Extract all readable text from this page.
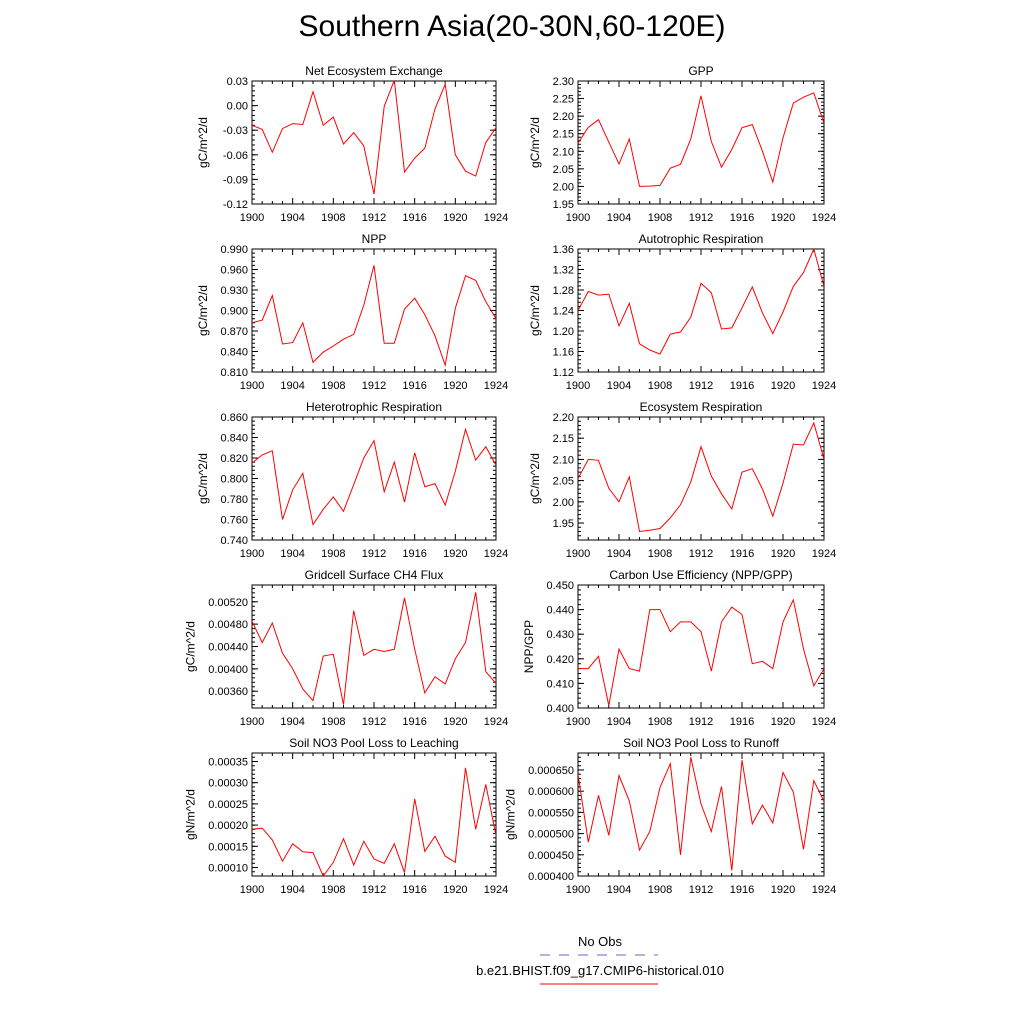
Southern Asia(20-30N,60-120E)
Net Ecosystem Exchange
1900 1904 1908 1912 1916 1920 1924
-0.12
-0.09
-0.06
-0.03
0.00
0.03
gC/m^2/d
GPP
1900 1904 1908 1912 1916 1920 1924
1.95
2.00
2.05
2.10
2.15
2.20
2.25
2.30
gC/m^2/d
NPP
1900 1904 1908 1912 1916 1920 1924
0.810
0.840
0.870
0.900
0.930
0.960
0.990
gC/m^2/d
Autotrophic Respiration
1900 1904 1908 1912 1916 1920 1924
1.12
1.16
1.20
1.24
1.28
1.32
1.36
gC/m^2/d
Heterotrophic Respiration
1900 1904 1908 1912 1916 1920 1924
0.740
0.760
0.780
0.800
0.820
0.840
0.860
gC/m^2/d
Ecosystem Respiration
1900 1904 1908 1912 1916 1920 1924
1.95
2.00
2.05
2.10
2.15
2.20
gC/m^2/d
Gridcell Surface CH4 Flux
1900 1904 1908 1912 1916 1920 1924
0.00360
0.00400
0.00440
0.00480
0.00520
gC/m^2/d
Carbon Use Efficiency (NPP/GPP)
1900 1904 1908 1912 1916 1920 1924
0.400
0.410
0.420
0.430
0.440
0.450
NPP/GPP
Soil NO3 Pool Loss to Leaching
1900 1904 1908 1912 1916 1920 1924
0.00010
0.00015
0.00020
0.00025
0.00030
0.00035
gN/m^2/d
Soil NO3 Pool Loss to Runoff
1900 1904 1908 1912 1916 1920 1924
0.000400
0.000450
0.000500
0.000550
0.000600
0.000650
gN/m^2/d
No Obs
b.e21.BHIST.f09_g17.CMIP6-historical.010
